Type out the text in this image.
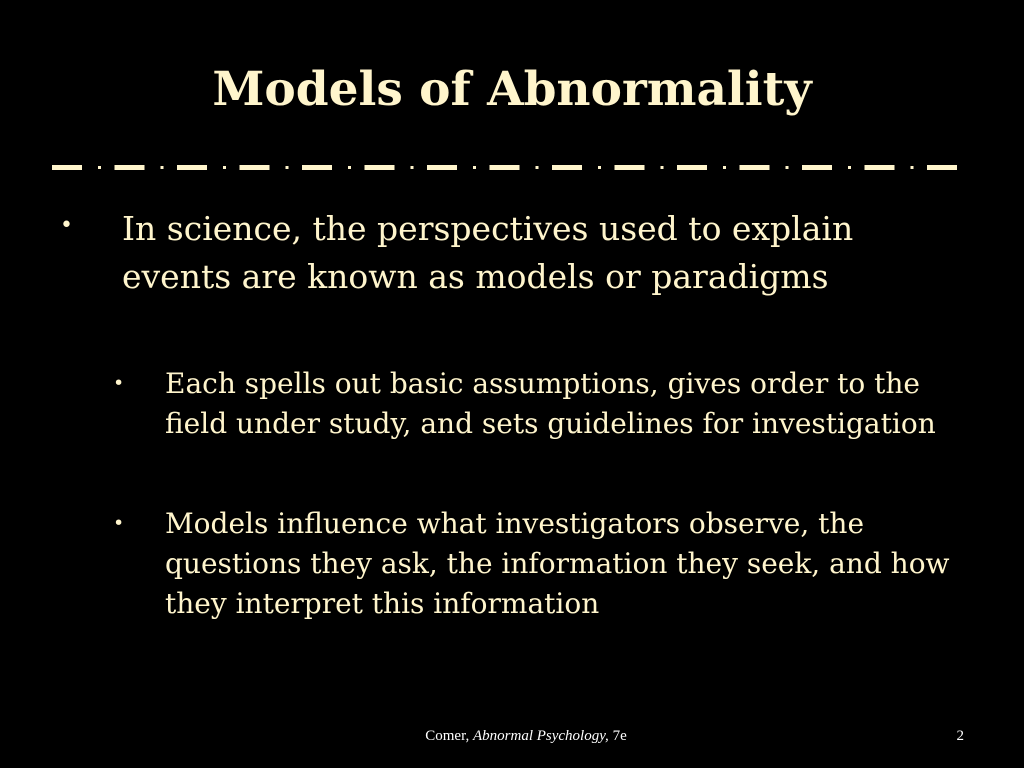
Models of Abnormality
• In science, the perspectives used to explain events are known as models or paradigms

• Each spells out basic assumptions, gives order to the field under study, and sets guidelines for investigation

• Models influence what investigators observe, the questions they ask, the information they seek, and how they interpret this information

Comer, Abnormal Psychology, 7e	2
